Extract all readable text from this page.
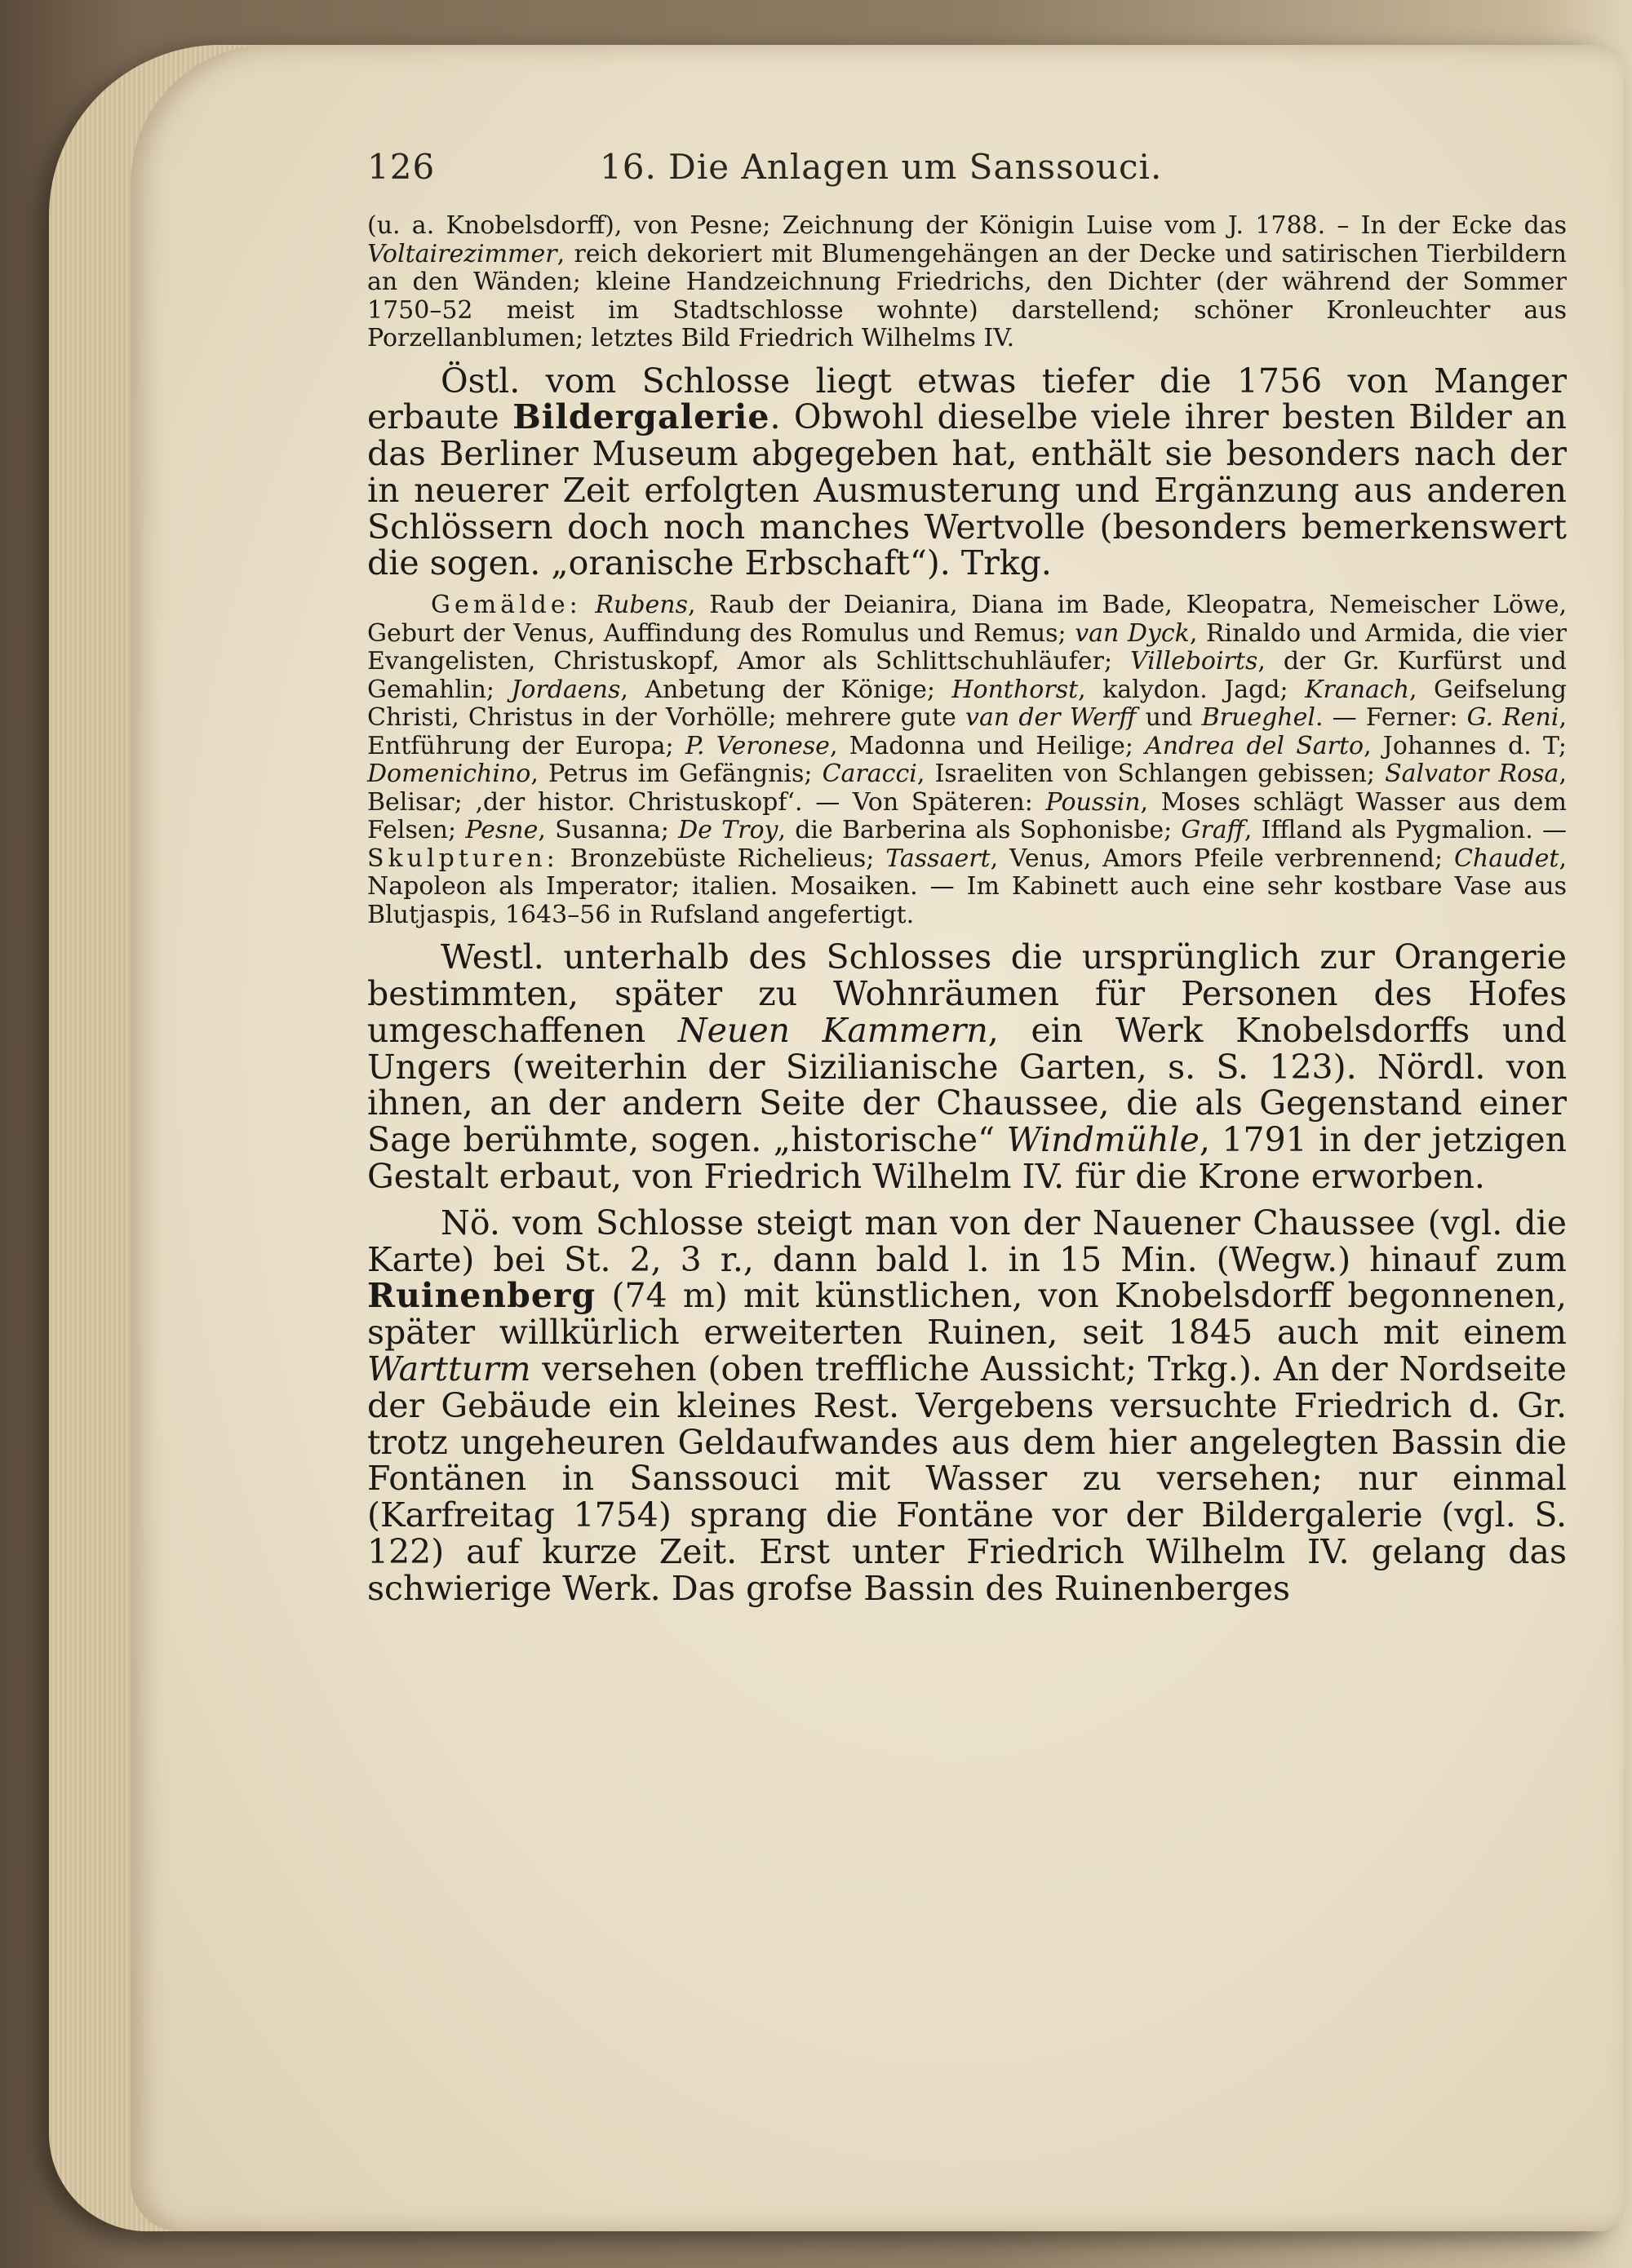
126	16. Die Anlagen um Sanssouci.

(u. a. Knobelsdorff), von Pesne; Zeichnung der Königin Luise vom J. 1788. – In der Ecke das Voltairezimmer, reich dekoriert mit Blumengehängen an der Decke und satirischen Tierbildern an den Wänden; kleine Handzeichnung Friedrichs, den Dichter (der während der Sommer 1750–52 meist im Stadtschlosse wohnte) darstellend; schöner Kronleuchter aus Porzellanblumen; letztes Bild Friedrich Wilhelms IV.

Östl. vom Schlosse liegt etwas tiefer die 1756 von Manger erbaute Bildergalerie. Obwohl dieselbe viele ihrer besten Bilder an das Berliner Museum abgegeben hat, enthält sie besonders nach der in neuerer Zeit erfolgten Ausmusterung und Ergänzung aus anderen Schlössern doch noch manches Wertvolle (besonders bemerkenswert die sogen. „oranische Erbschaft“). Trkg.

Gemälde: Rubens, Raub der Deianira, Diana im Bade, Kleopatra, Nemeischer Löwe, Geburt der Venus, Auffindung des Romulus und Remus; van Dyck, Rinaldo und Armida, die vier Evangelisten, Christuskopf, Amor als Schlittschuhläufer; Villeboirts, der Gr. Kurfürst und Gemahlin; Jordaens, Anbetung der Könige; Honthorst, kalydon. Jagd; Kranach, Geifselung Christi, Christus in der Vorhölle; mehrere gute van der Werff und Brueghel. — Ferner: G. Reni, Entführung der Europa; P. Veronese, Madonna und Heilige; Andrea del Sarto, Johannes d. T; Domenichino, Petrus im Gefängnis; Caracci, Israeliten von Schlangen gebissen; Salvator Rosa, Belisar; ‚der histor. Christuskopf‘. — Von Späteren: Poussin, Moses schlägt Wasser aus dem Felsen; Pesne, Susanna; De Troy, die Barberina als Sophonisbe; Graff, Iffland als Pygmalion. — Skulpturen: Bronzebüste Richelieus; Tassaert, Venus, Amors Pfeile verbrennend; Chaudet, Napoleon als Imperator; italien. Mosaiken. — Im Kabinett auch eine sehr kostbare Vase aus Blutjaspis, 1643–56 in Rufsland angefertigt.

Westl. unterhalb des Schlosses die ursprünglich zur Orangerie bestimmten, später zu Wohnräumen für Personen des Hofes umgeschaffenen Neuen Kammern, ein Werk Knobelsdorffs und Ungers (weiterhin der Sizilianische Garten, s. S. 123). Nördl. von ihnen, an der andern Seite der Chaussee, die als Gegenstand einer Sage berühmte, sogen. „historische“ Windmühle, 1791 in der jetzigen Gestalt erbaut, von Friedrich Wilhelm IV. für die Krone erworben.

Nö. vom Schlosse steigt man von der Nauener Chaussee (vgl. die Karte) bei St. 2, 3 r., dann bald l. in 15 Min. (Wegw.) hinauf zum Ruinenberg (74 m) mit künstlichen, von Knobelsdorff begonnenen, später willkürlich erweiterten Ruinen, seit 1845 auch mit einem Wartturm versehen (oben treffliche Aussicht; Trkg.). An der Nordseite der Gebäude ein kleines Rest. Vergebens versuchte Friedrich d. Gr. trotz ungeheuren Geldaufwandes aus dem hier angelegten Bassin die Fontänen in Sanssouci mit Wasser zu versehen; nur einmal (Karfreitag 1754) sprang die Fontäne vor der Bildergalerie (vgl. S. 122) auf kurze Zeit. Erst unter Friedrich Wilhelm IV. gelang das schwierige Werk. Das grofse Bassin des Ruinenberges
